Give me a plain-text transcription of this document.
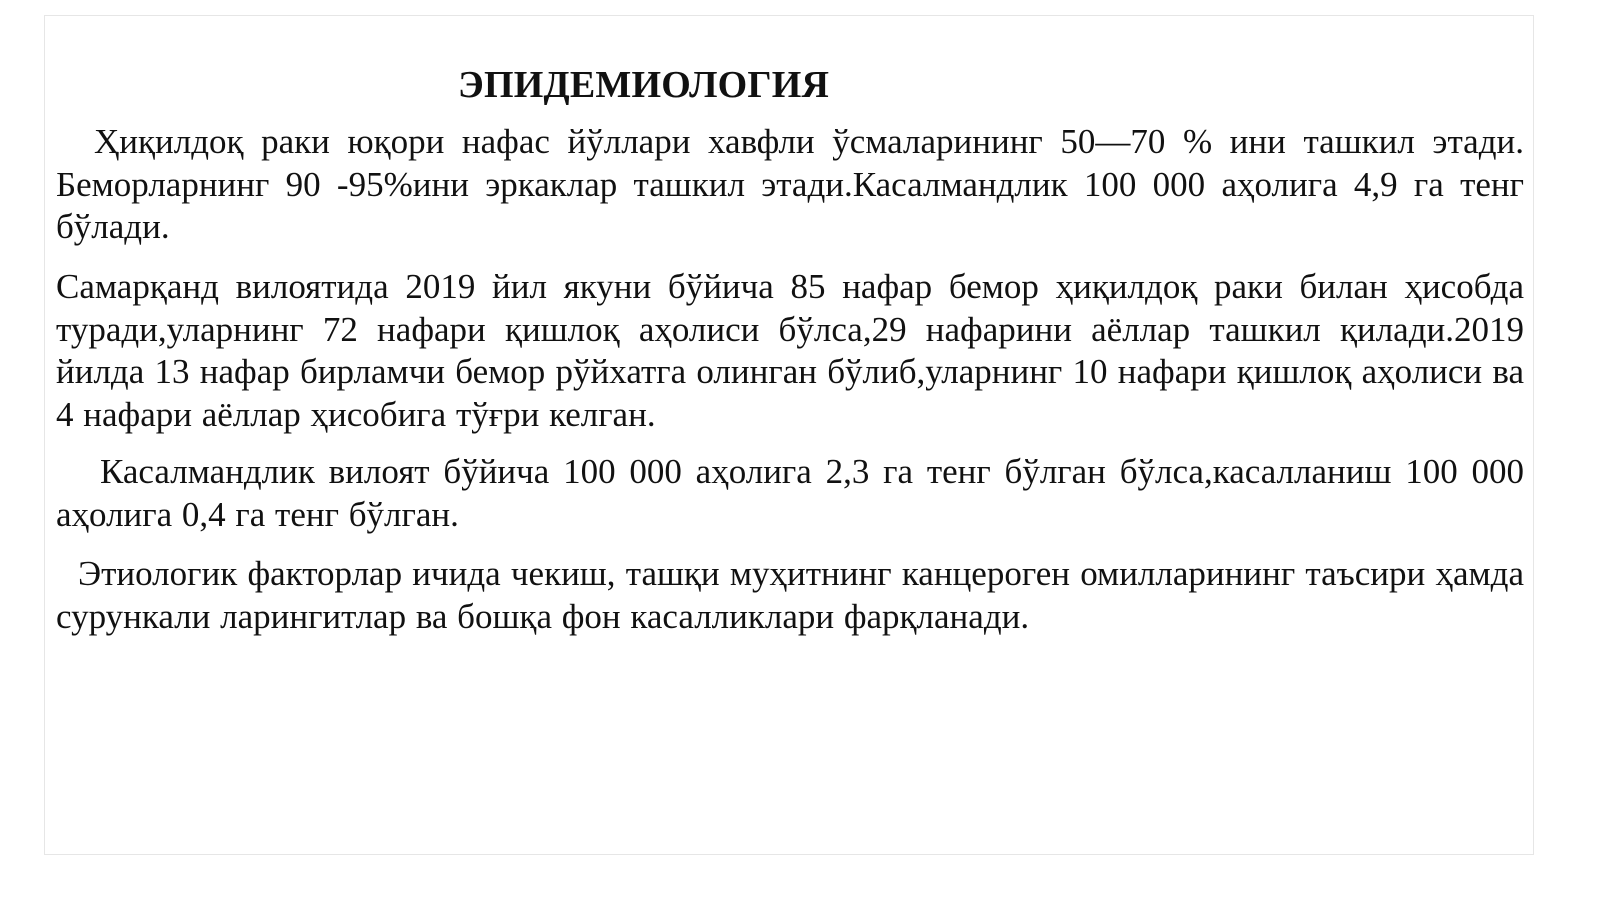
ЭПИДЕМИОЛОГИЯ

Ҳиқилдоқ раки юқори нафас йўллари хавфли ўсмаларининг 50—70 % ини ташкил этади. Беморларнинг 90 -95%ини эркаклар ташкил этади.Касалмандлик 100 000 аҳолига 4,9 га тенг бўлади.

Самарқанд вилоятида 2019 йил якуни бўйича 85 нафар бемор ҳиқилдоқ раки билан ҳисобда туради,уларнинг 72 нафари қишлоқ аҳолиси бўлса,29 нафарини аёллар ташкил қилади.2019 йилда 13 нафар бирламчи бемор рўйхатга олинган бўлиб,уларнинг 10 нафари қишлоқ аҳолиси ва 4 нафари аёллар ҳисобига тўғри келган.

Касалмандлик вилоят бўйича 100 000 аҳолига 2,3 га тенг бўлган бўлса,касалланиш 100 000 аҳолига 0,4 га тенг бўлган.

Этиологик факторлар ичида чекиш, ташқи муҳитнинг канцероген омилларининг таъсири ҳамда сурункали ларингитлар ва бошқа фон касалликлари фарқланади.
